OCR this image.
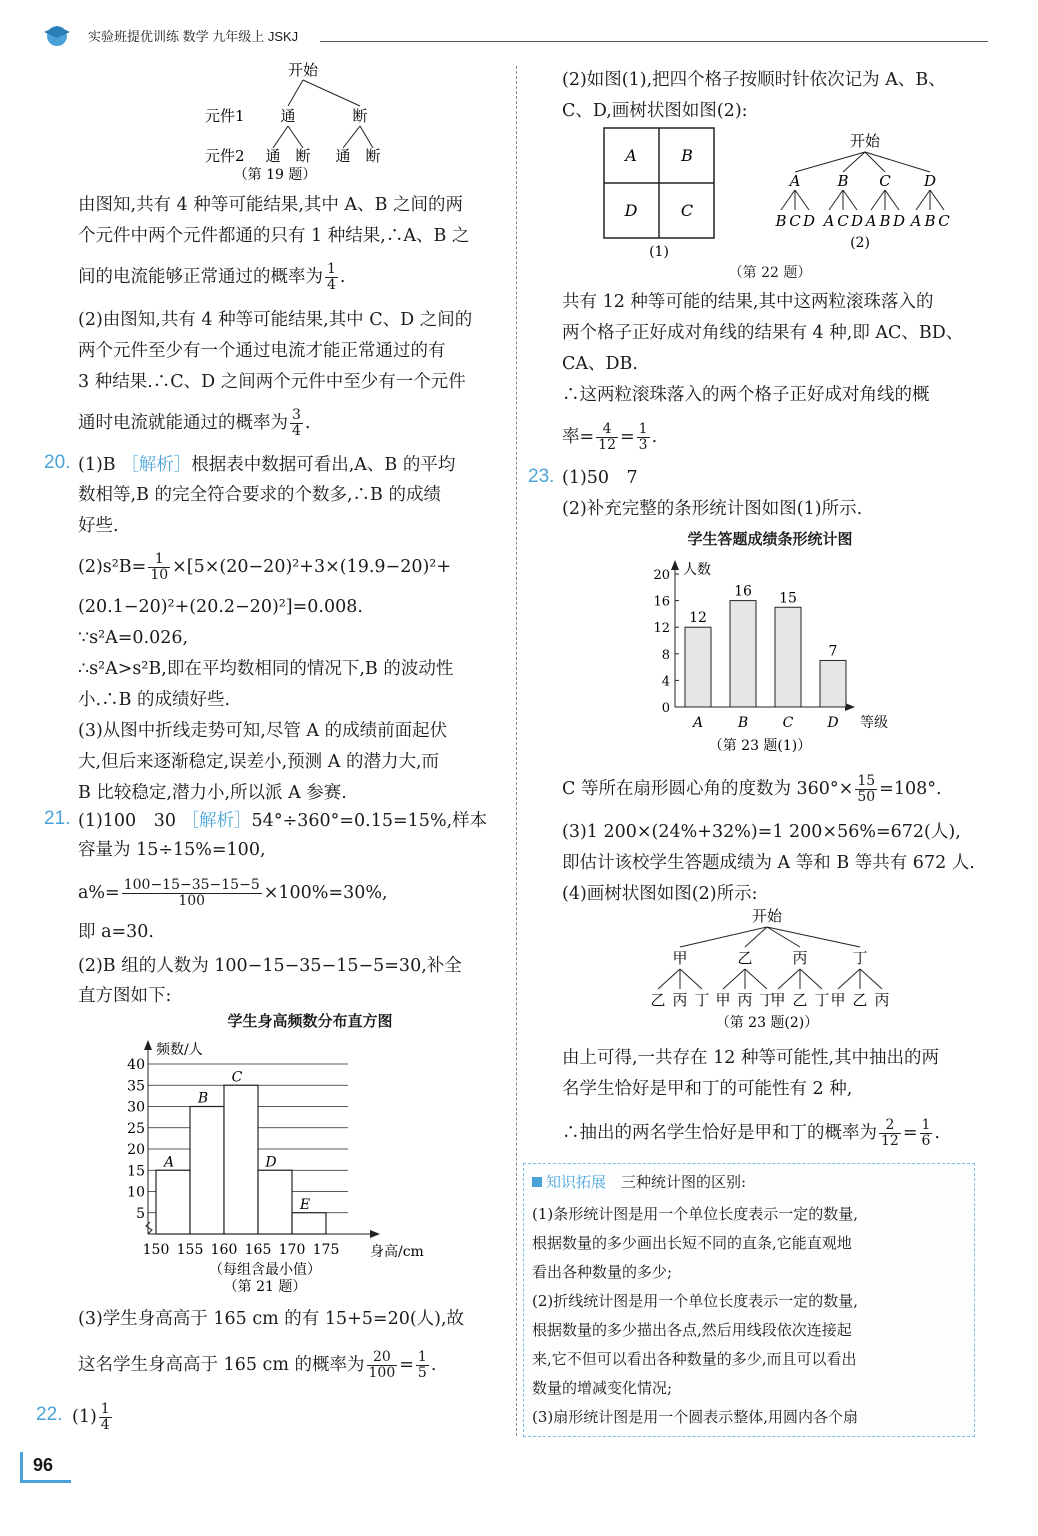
实验班提优训练 数学 九年级上 JSKJ
开始
元件1 通	断
元件2 通 断 通 断
（第 19 题）
由图知,共有 4 种等可能结果,其中 A、B 之间的两
个元件中两个元件都通的只有 1 种结果,∴A、B 之
间的电流能够正常通过的概率为 $\frac{1}{4}$ .
(2)由图知,共有 4 种等可能结果,其中 C、D 之间的
两个元件至少有一个通过电流才能正常通过的有
3 种结果.∴C、D 之间两个元件中至少有一个元件
通时电流就能通过的概率为 $\frac{3}{4}$ .
20. (1)B ［解析］根据表中数据可看出,A、B 的平均
数相等,B 的完全符合要求的个数多,∴B 的成绩
好些.
$(2)s^2B= \frac{1}{10} \times[5\times(20-20)^2+3\times(19.9-20)^2+$
(20.1−20)²+(20.2−20)²]=0.008.
∵s²A=0.026,
∴s²A>s²B,即在平均数相同的情况下,B 的波动性
小.∴B 的成绩好些.
(3)从图中折线走势可知,尽管 A 的成绩前面起伏
大,但后来逐渐稳定,误差小,预测 A 的潜力大,而
B 比较稳定,潜力小,所以派 A 参赛.
21. (1)100　30 ［解析］54°÷360°=0.15=15%,样本
容量为 15÷15%=100,
$a\%= \frac{100-15-35-15-5}{100} \times 100\%=30\%$,
即 a=30.
(2)B 组的人数为 100−15−35−15−5=30,补全
直方图如下:
学生身高频数分布直方图
频数/人
身高/cm
5
10
15
20
25
30
35
40
A
B
C
D
E
150 155 160 165 170 175
（每组含最小值）
（第 21 题）
(3)学生身高高于 165 cm 的有 15+5=20(人),故
这名学生身高高于 165 cm 的概率为 $\frac{20}{100} = \frac{1}{5}$ .
22. $(1) \frac{1}{4}$
96
(2)如图(1),把四个格子按顺时针依次记为 A、B、
C、D,画树状图如图(2):
A	B
D	C
(1)
开始
A
B C D
B
A C D
C
A B D
D
A B C
(2)
（第 22 题）
共有 12 种等可能的结果,其中这两粒滚珠落入的
两个格子正好成对角线的结果有 4 种,即 AC、BD、
CA、DB.
∴这两粒滚珠落入的两个格子正好成对角线的概
率= $\frac{4}{12} = \frac{1}{3}$ .
23. (1)50　7
(2)补充完整的条形统计图如图(1)所示.
学生答题成绩条形统计图
人数
等级
0
4
8
12
16
20
12
A
16
B
15
C
7
D
（第 23 题(1)）
C 等所在扇形圆心角的度数为 $360^\circ\times \frac{15}{50} =108^\circ$.
(3)1 200×(24%+32%)=1 200×56%=672(人),
即估计该校学生答题成绩为 A 等和 B 等共有 672 人.
(4)画树状图如图(2)所示:
开始
甲
乙 丙 丁
乙
甲 丙 丁
丙
甲 乙 丁
丁
甲 乙 丙
（第 23 题(2)）
由上可得,一共存在 12 种等可能性,其中抽出的两
名学生恰好是甲和丁的可能性有 2 种,
∴抽出的两名学生恰好是甲和丁的概率为 $\frac{2}{12} = \frac{1}{6}$ .
知识拓展　 三种统计图的区别:
(1)条形统计图是用一个单位长度表示一定的数量,
根据数量的多少画出长短不同的直条,它能直观地
看出各种数量的多少;
(2)折线统计图是用一个单位长度表示一定的数量,
根据数量的多少描出各点,然后用线段依次连接起
来,它不但可以看出各种数量的多少,而且可以看出
数量的增减变化情况;
(3)扇形统计图是用一个圆表示整体,用圆内各个扇
